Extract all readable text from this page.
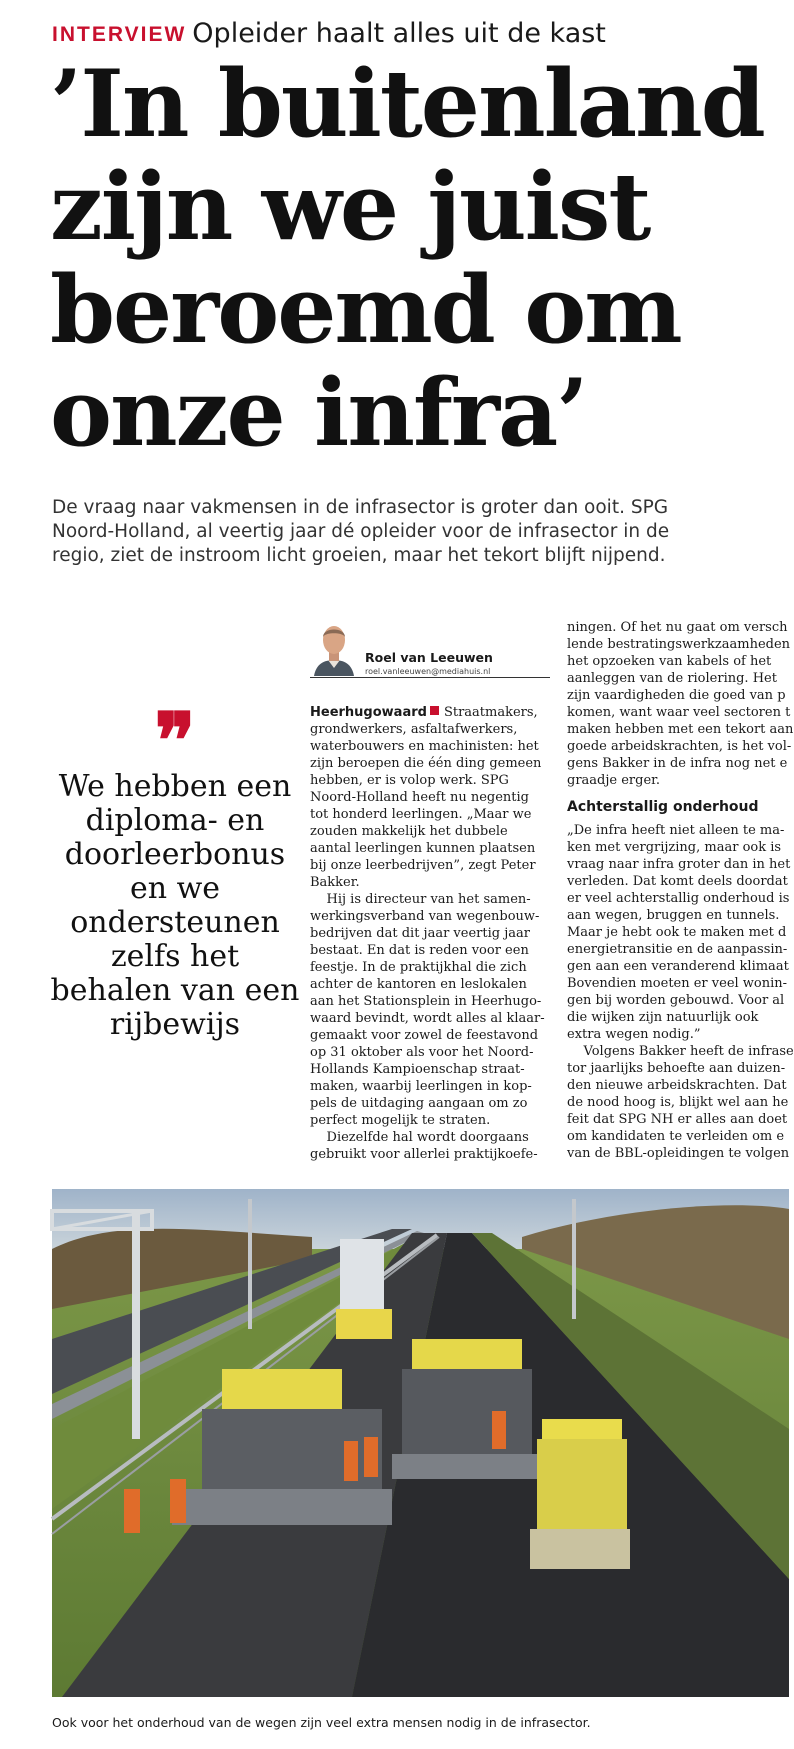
INTERVIEW Opleider haalt alles uit de kast
’In buitenland
zijn we juist
beroemd om
onze infra’
De vraag naar vakmensen in de infrasector is groter dan ooit. SPG
Noord-Holland, al veertig jaar dé opleider voor de infrasector in de
regio, ziet de instroom licht groeien, maar het tekort blijft nijpend.
❞
We hebben een
diploma- en
doorleerbonus
en we
ondersteunen
zelfs het
behalen van een
rijbewijs
Roel van Leeuwen
roel.vanleeuwen@mediahuis.nl

Heerhugowaard Straatmakers,
grondwerkers, asfaltafwerkers,
waterbouwers en machinisten: het
zijn beroepen die één ding gemeen
hebben, er is volop werk. SPG
Noord-Holland heeft nu negentig
tot honderd leerlingen. „Maar we
zouden makkelijk het dubbele
aantal leerlingen kunnen plaatsen
bij onze leerbedrijven”, zegt Peter
Bakker.

Hij is directeur van het samen-
werkingsverband van wegenbouw-
bedrijven dat dit jaar veertig jaar
bestaat. En dat is reden voor een
feestje. In de praktijkhal die zich
achter de kantoren en leslokalen
aan het Stationsplein in Heerhugo-
waard bevindt, wordt alles al klaar-
gemaakt voor zowel de feestavond
op 31 oktober als voor het Noord-
Hollands Kampioenschap straat-
maken, waarbij leerlingen in kop-
pels de uitdaging aangaan om zo
perfect mogelijk te straten.

Diezelfde hal wordt doorgaans
gebruikt voor allerlei praktijkoefe-

ningen. Of het nu gaat om versch
lende bestratingswerkzaamheden
het opzoeken van kabels of het
aanleggen van de riolering. Het
zijn vaardigheden die goed van p
komen, want waar veel sectoren t
maken hebben met een tekort aan
goede arbeidskrachten, is het vol-
gens Bakker in de infra nog net e
graadje erger.

Achterstallig onderhoud

„De infra heeft niet alleen te ma-
ken met vergrijzing, maar ook is
vraag naar infra groter dan in het
verleden. Dat komt deels doordat
er veel achterstallig onderhoud is
aan wegen, bruggen en tunnels.
Maar je hebt ook te maken met d
energietransitie en de aanpassin-
gen aan een veranderend klimaat
Bovendien moeten er veel wonin-
gen bij worden gebouwd. Voor al
die wijken zijn natuurlijk ook
extra wegen nodig.”

Volgens Bakker heeft de infrase
tor jaarlijks behoefte aan duizen-
den nieuwe arbeidskrachten. Dat
de nood hoog is, blijkt wel aan he
feit dat SPG NH er alles aan doet
om kandidaten te verleiden om e
van de BBL-opleidingen te volgen

Ook voor het onderhoud van de wegen zijn veel extra mensen nodig in de infrasector.
